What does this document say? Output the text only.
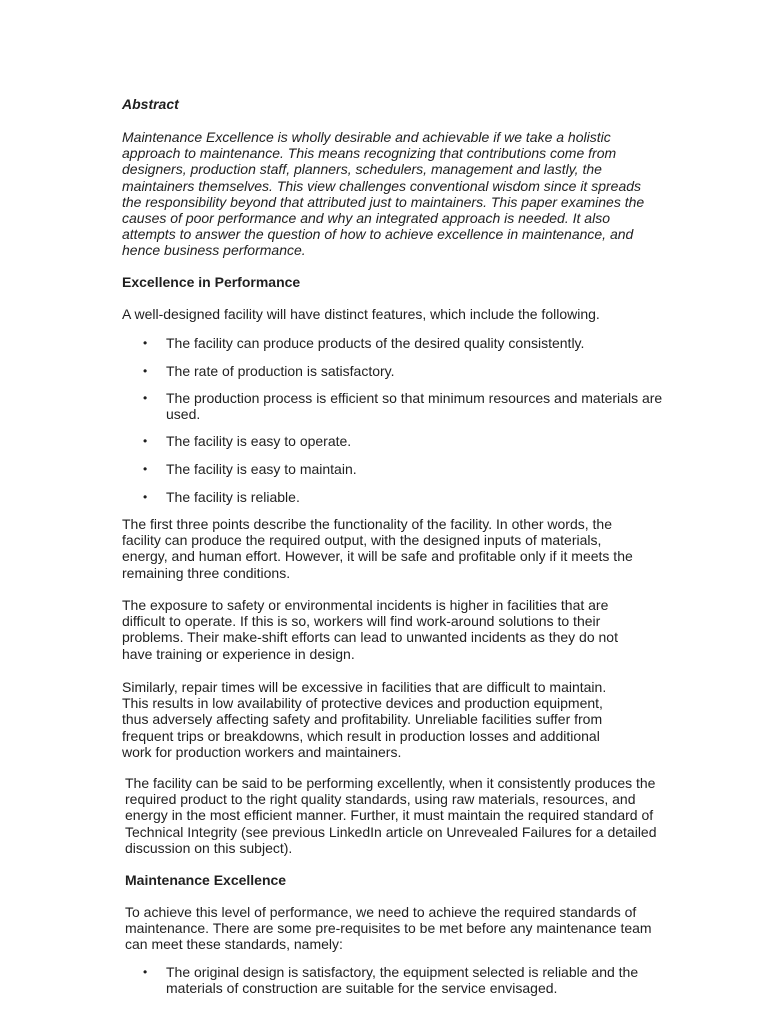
Abstract

Maintenance Excellence is wholly desirable and achievable if we take a holistic approach to maintenance. This means recognizing that contributions come from designers, production staff, planners, schedulers, management and lastly, the maintainers themselves. This view challenges conventional wisdom since it spreads the responsibility beyond that attributed just to maintainers. This paper examines the causes of poor performance and why an integrated approach is needed. It also attempts to answer the question of how to achieve excellence in maintenance, and hence business performance.

Excellence in Performance

A well-designed facility will have distinct features, which include the following.

• The facility can produce products of the desired quality consistently.
• The rate of production is satisfactory.
• The production process is efficient so that minimum resources and materials are used.
• The facility is easy to operate.
• The facility is easy to maintain.
• The facility is reliable.

The first three points describe the functionality of the facility. In other words, the facility can produce the required output, with the designed inputs of materials, energy, and human effort. However, it will be safe and profitable only if it meets the remaining three conditions.

The exposure to safety or environmental incidents is higher in facilities that are difficult to operate. If this is so, workers will find work-around solutions to their problems. Their make-shift efforts can lead to unwanted incidents as they do not have training or experience in design.

Similarly, repair times will be excessive in facilities that are difficult to maintain. This results in low availability of protective devices and production equipment, thus adversely affecting safety and profitability. Unreliable facilities suffer from frequent trips or breakdowns, which result in production losses and additional work for production workers and maintainers.

The facility can be said to be performing excellently, when it consistently produces the required product to the right quality standards, using raw materials, resources, and energy in the most efficient manner. Further, it must maintain the required standard of Technical Integrity (see previous LinkedIn article on Unrevealed Failures for a detailed discussion on this subject).

Maintenance Excellence

To achieve this level of performance, we need to achieve the required standards of maintenance. There are some pre-requisites to be met before any maintenance team can meet these standards, namely:

• The original design is satisfactory, the equipment selected is reliable and the materials of construction are suitable for the service envisaged.
